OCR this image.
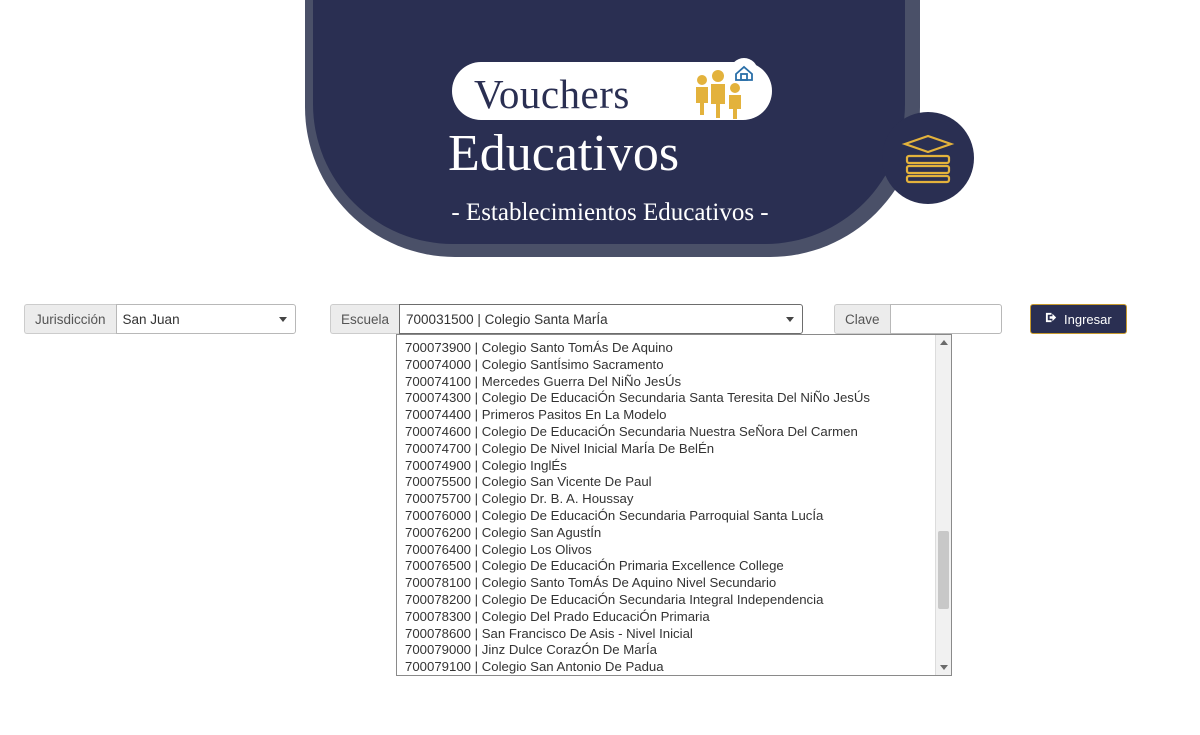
Vouchers
Educativos
- Establecimientos Educativos -
Jurisdicción	San Juan	Escuela	700031500 | Colegio Santa MarÍa	Clave	Ingresar
700073900 | Colegio Santo TomÁs De Aquino
700074000 | Colegio SantÍsimo Sacramento
700074100 | Mercedes Guerra Del NiÑo JesÚs
700074300 | Colegio De EducaciÓn Secundaria Santa Teresita Del NiÑo JesÚs
700074400 | Primeros Pasitos En La Modelo
700074600 | Colegio De EducaciÓn Secundaria Nuestra SeÑora Del Carmen
700074700 | Colegio De Nivel Inicial MarÍa De BelÉn
700074900 | Colegio InglÉs
700075500 | Colegio San Vicente De Paul
700075700 | Colegio Dr. B. A. Houssay
700076000 | Colegio De EducaciÓn Secundaria Parroquial Santa LucÍa
700076200 | Colegio San AgustÍn
700076400 | Colegio Los Olivos
700076500 | Colegio De EducaciÓn Primaria Excellence College
700078100 | Colegio Santo TomÁs De Aquino Nivel Secundario
700078200 | Colegio De EducaciÓn Secundaria Integral Independencia
700078300 | Colegio Del Prado EducaciÓn Primaria
700078600 | San Francisco De Asis - Nivel Inicial
700079000 | Jinz Dulce CorazÓn De MarÍa
700079100 | Colegio San Antonio De Padua
